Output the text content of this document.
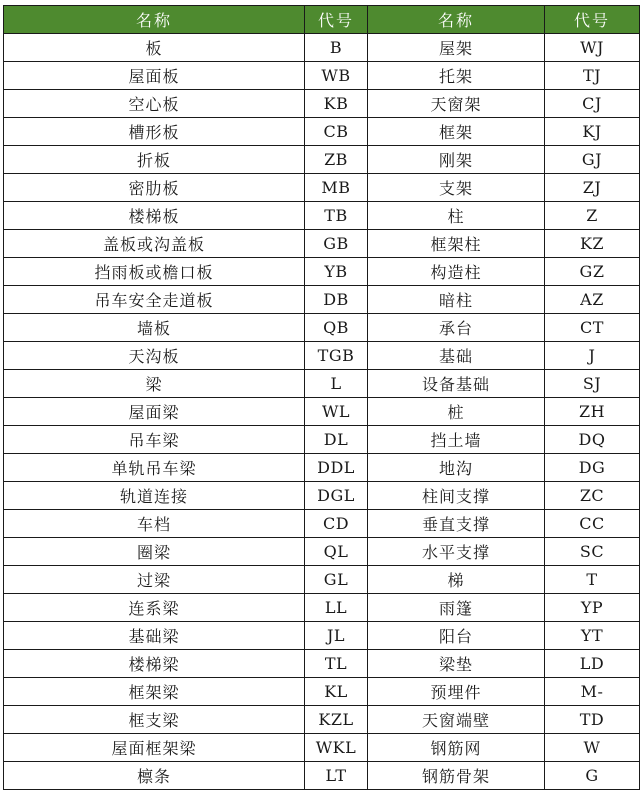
名称	代号	名称	代号
板	B	屋架	WJ
屋面板	WB	托架	TJ
空心板	KB	天窗架	CJ
槽形板	CB	框架	KJ
折板	ZB	刚架	GJ
密肋板	MB	支架	ZJ
楼梯板	TB	柱	Z
盖板或沟盖板	GB	框架柱	KZ
挡雨板或檐口板	YB	构造柱	GZ
吊车安全走道板	DB	暗柱	AZ
墙板	QB	承台	CT
天沟板	TGB	基础	J
梁	L	设备基础	SJ
屋面梁	WL	桩	ZH
吊车梁	DL	挡土墙	DQ
单轨吊车梁	DDL	地沟	DG
轨道连接	DGL	柱间支撑	ZC
车档	CD	垂直支撑	CC
圈梁	QL	水平支撑	SC
过梁	GL	梯	T
连系梁	LL	雨篷	YP
基础梁	JL	阳台	YT
楼梯梁	TL	梁垫	LD
框架梁	KL	预埋件	M-
框支梁	KZL	天窗端壁	TD
屋面框架梁	WKL	钢筋网	W
檩条	LT	钢筋骨架	G
